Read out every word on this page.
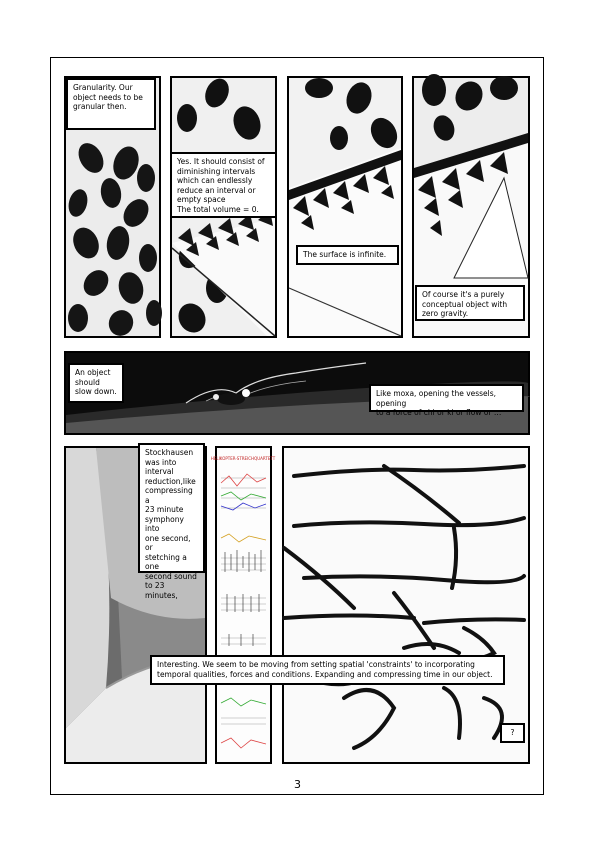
Granularity. Our object needs to be granular then.
Yes. It should consist of diminishing intervals which can endlessly reduce an interval or empty space
The total volume = 0.
The surface is infinite.
Of course it's a purely conceptual object with zero gravity.
An object
should
slow down.	Like moxa, opening the vessels, opening
to a force of chi or ki or flow or …
Stockhausen
was into
interval
reduction,like
compressing a
23 minute
symphony into
one second, or
stetching a one
second sound
to 23 minutes,
HELIKOPTER-STREICHQUARTETT
Interesting. We seem to be moving from setting spatial 'constraints' to incorporating temporal qualities, forces and conditions. Expanding and compressing time in our object.
?
3
